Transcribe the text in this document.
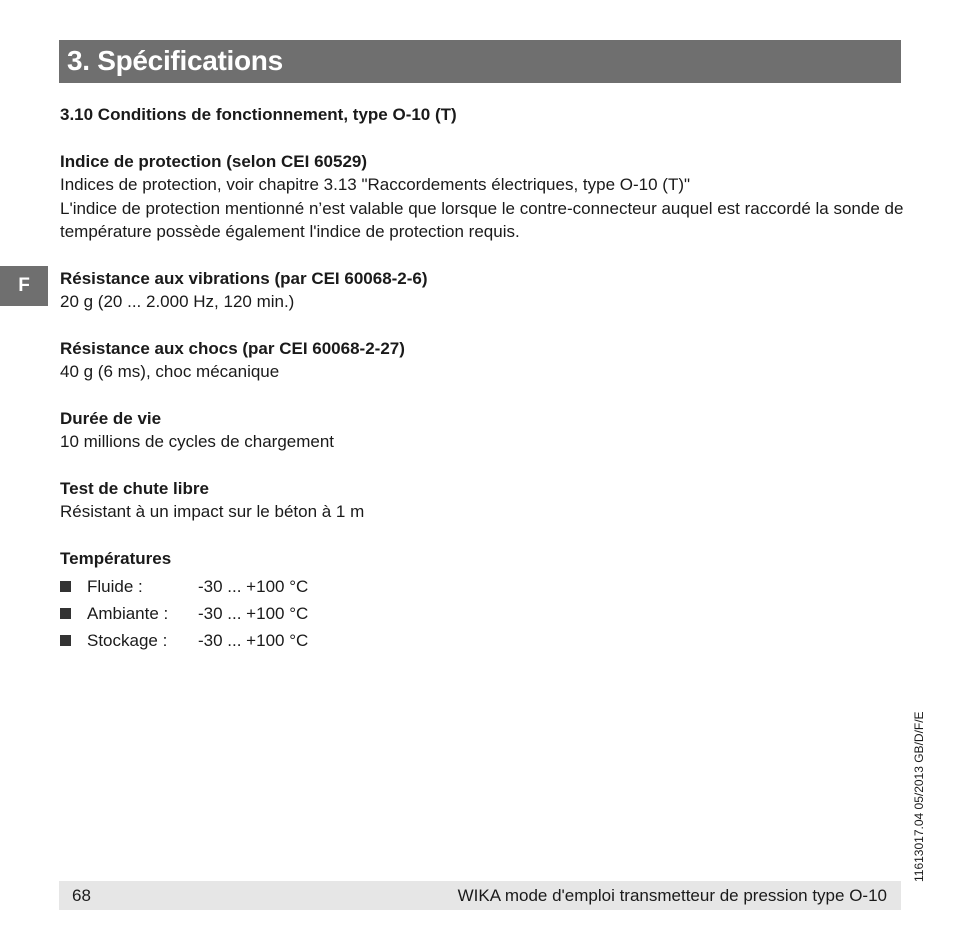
3. Spécifications
F

3.10 Conditions de fonctionnement, type O-10 (T)

Indice de protection (selon CEI 60529)

Indices de protection, voir chapitre 3.13 "Raccordements électriques, type O-10 (T)"

L'indice de protection mentionné n’est valable que lorsque le contre-connecteur auquel est raccordé la sonde de température possède également l'indice de protection requis.

Résistance aux vibrations (par CEI 60068-2-6)

20 g (20 ... 2.000 Hz, 120 min.)

Résistance aux chocs (par CEI 60068-2-27)

40 g (6 ms), choc mécanique

Durée de vie

10 millions de cycles de chargement

Test de chute libre

Résistant à un impact sur le béton à 1 m

Températures

Fluide :	-30 ... +100 °C
Ambiante :	-30 ... +100 °C
Stockage :	-30 ... +100 °C
11613017.04 05/2013 GB/D/F/E
68	WIKA mode d'emploi transmetteur de pression type O-10
